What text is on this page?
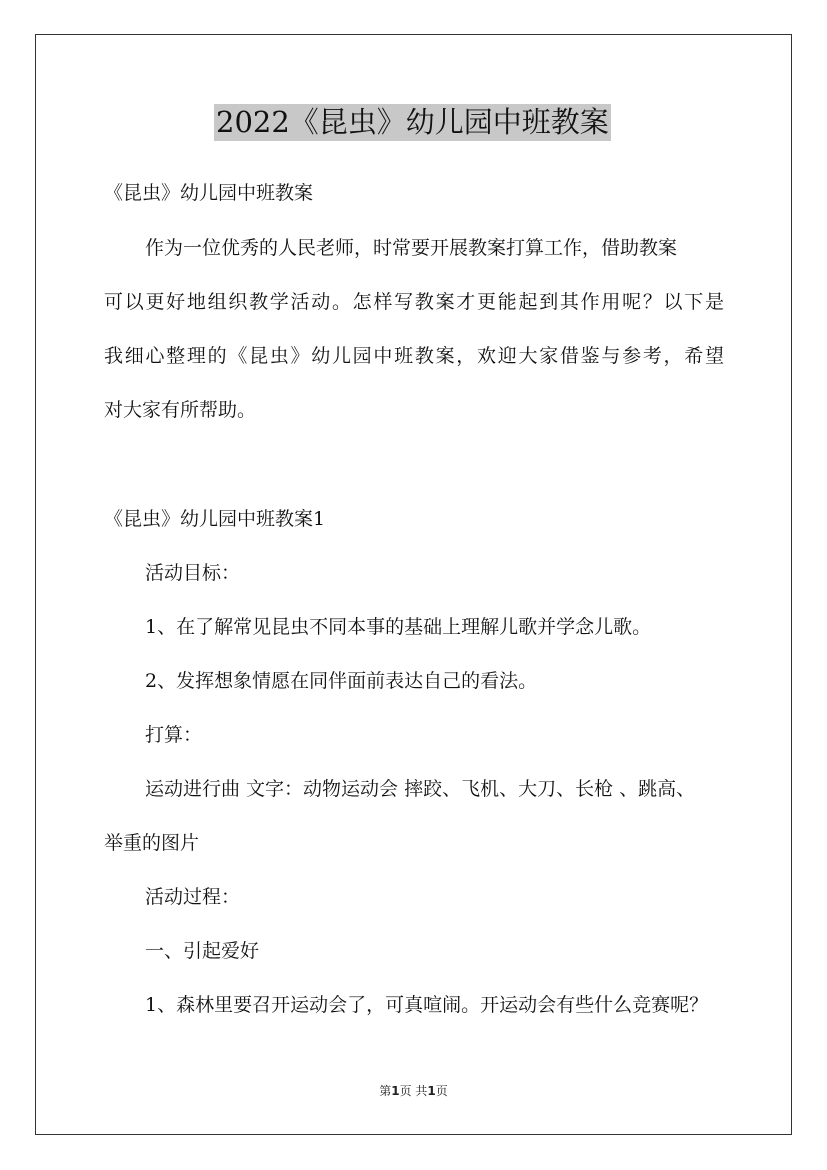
2022《昆虫》幼儿园中班教案
《昆虫》幼儿园中班教案
作为一位优秀的人民老师，时常要开展教案打算工作，借助教案
可以更好地组织教学活动。怎样写教案才更能起到其作用呢？以下是
我细心整理的《昆虫》幼儿园中班教案，欢迎大家借鉴与参考，希望
对大家有所帮助。
《昆虫》幼儿园中班教案1
活动目标：
1、在了解常见昆虫不同本事的基础上理解儿歌并学念儿歌。
2、发挥想象情愿在同伴面前表达自己的看法。
打算：
运动进行曲 文字：动物运动会 摔跤、飞机、大刀、长枪 、跳高、
举重的图片
活动过程：
一、引起爱好
1、森林里要召开运动会了，可真喧闹。开运动会有些什么竞赛呢？
第1页 共1页
